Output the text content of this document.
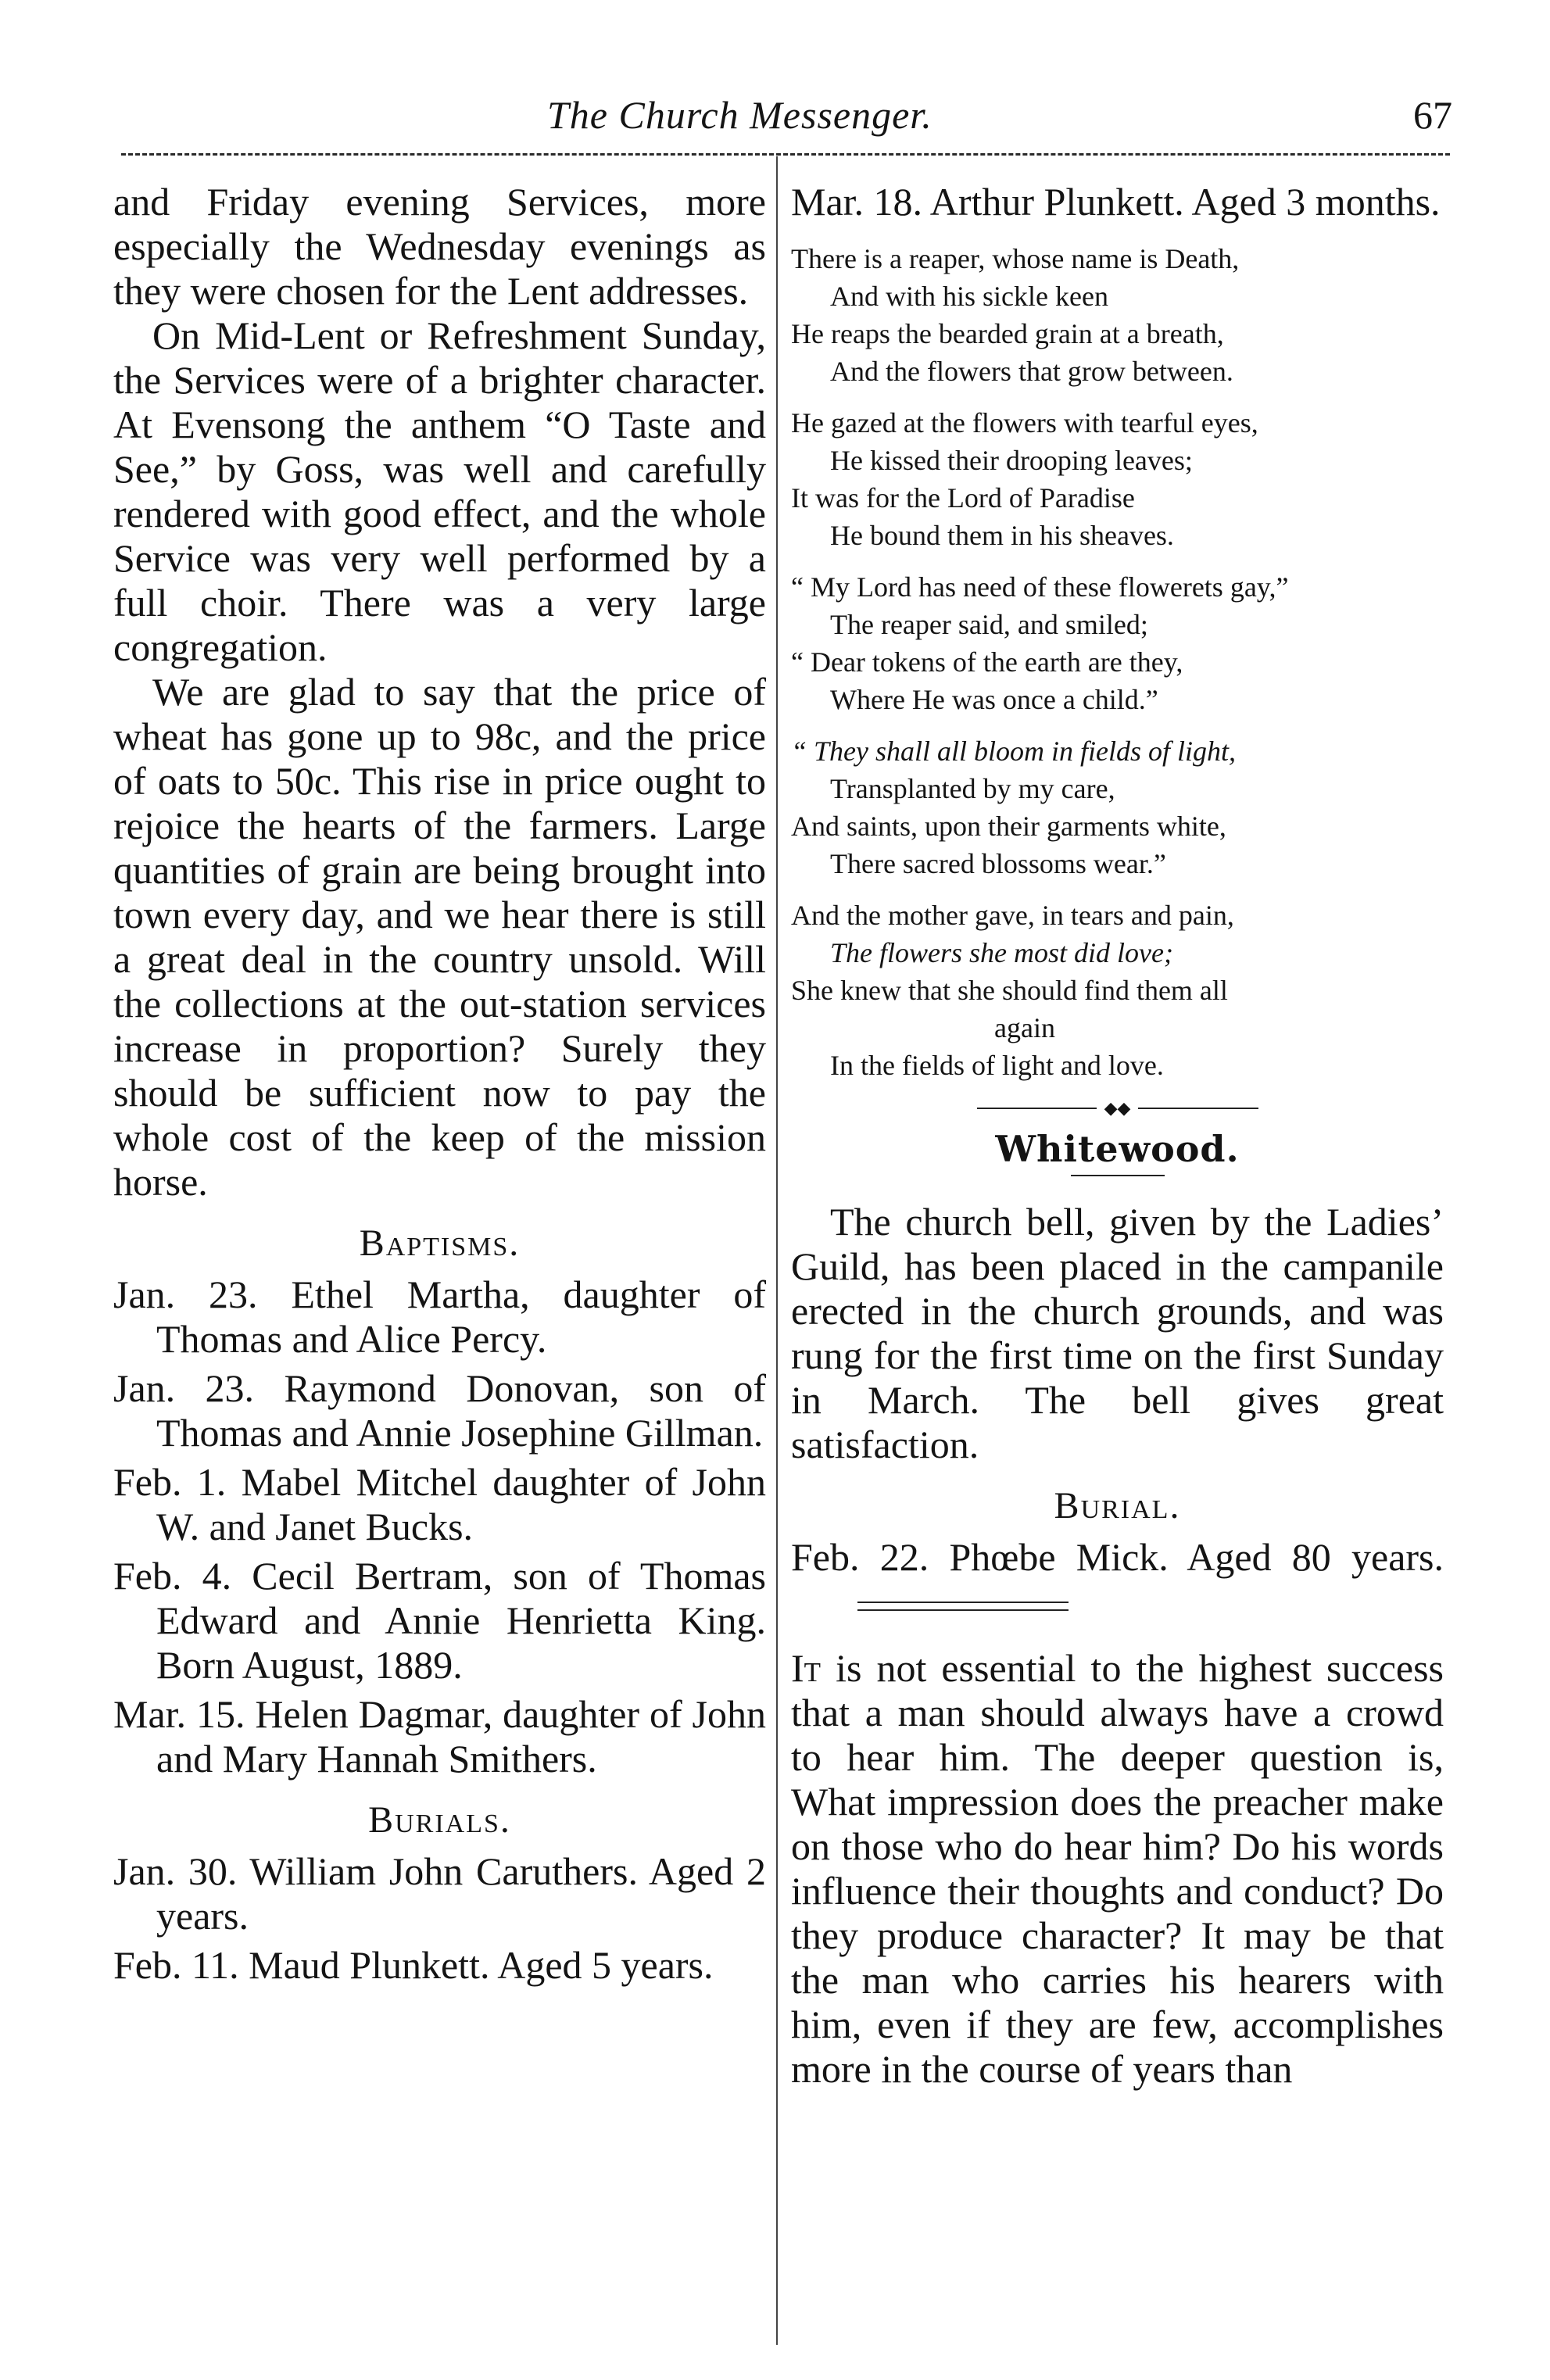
The Church Messenger.	67

and Friday evening Services, more especially the Wednesday evenings as they were chosen for the Lent addresses.

On Mid-Lent or Refreshment Sunday, the Services were of a brighter character. At Evensong the anthem “O Taste and See,” by Goss, was well and carefully rendered with good effect, and the whole Service was very well performed by a full choir. There was a very large congregation.

We are glad to say that the price of wheat has gone up to 98c, and the price of oats to 50c. This rise in price ought to rejoice the hearts of the farmers. Large quantities of grain are being brought into town every day, and we hear there is still a great deal in the country unsold. Will the collections at the out-station services increase in proportion? Surely they should be sufficient now to pay the whole cost of the keep of the mission horse.

Baptisms.

Jan. 23. Ethel Martha, daughter of Thomas and Alice Percy.

Jan. 23. Raymond Donovan, son of Thomas and Annie Josephine Gillman.

Feb. 1. Mabel Mitchel daughter of John W. and Janet Bucks.

Feb. 4. Cecil Bertram, son of Thomas Edward and Annie Henrietta King. Born August, 1889.

Mar. 15. Helen Dagmar, daughter of John and Mary Hannah Smithers.

Burials.

Jan. 30. William John Caruthers. Aged 2 years.

Feb. 11. Maud Plunkett. Aged 5 years.

Mar. 18. Arthur Plunkett. Aged 3 months.

There is a reaper, whose name is Death,

And with his sickle keen

He reaps the bearded grain at a breath,

And the flowers that grow between.

He gazed at the flowers with tearful eyes,

He kissed their drooping leaves;

It was for the Lord of Paradise

He bound them in his sheaves.

“ My Lord has need of these flowerets gay,”

The reaper said, and smiled;

“ Dear tokens of the earth are they,

Where He was once a child.”

“ They shall all bloom in fields of light,

Transplanted by my care,

And saints, upon their garments white,

There sacred blossoms wear.”

And the mother gave, in tears and pain,

The flowers she most did love;

She knew that she should find them all

again

In the fields of light and love.

◆◆
Whitewood.

The church bell, given by the Ladies’ Guild, has been placed in the campanile erected in the church grounds, and was rung for the first time on the first Sunday in March. The bell gives great satisfaction.

Burial.

Feb. 22. Phœbe Mick. Aged 80 years.

It is not essential to the highest success that a man should always have a crowd to hear him. The deeper question is, What impression does the preacher make on those who do hear him? Do his words influence their thoughts and conduct? Do they produce character? It may be that the man who carries his hearers with him, even if they are few, accomplishes more in the course of years than
